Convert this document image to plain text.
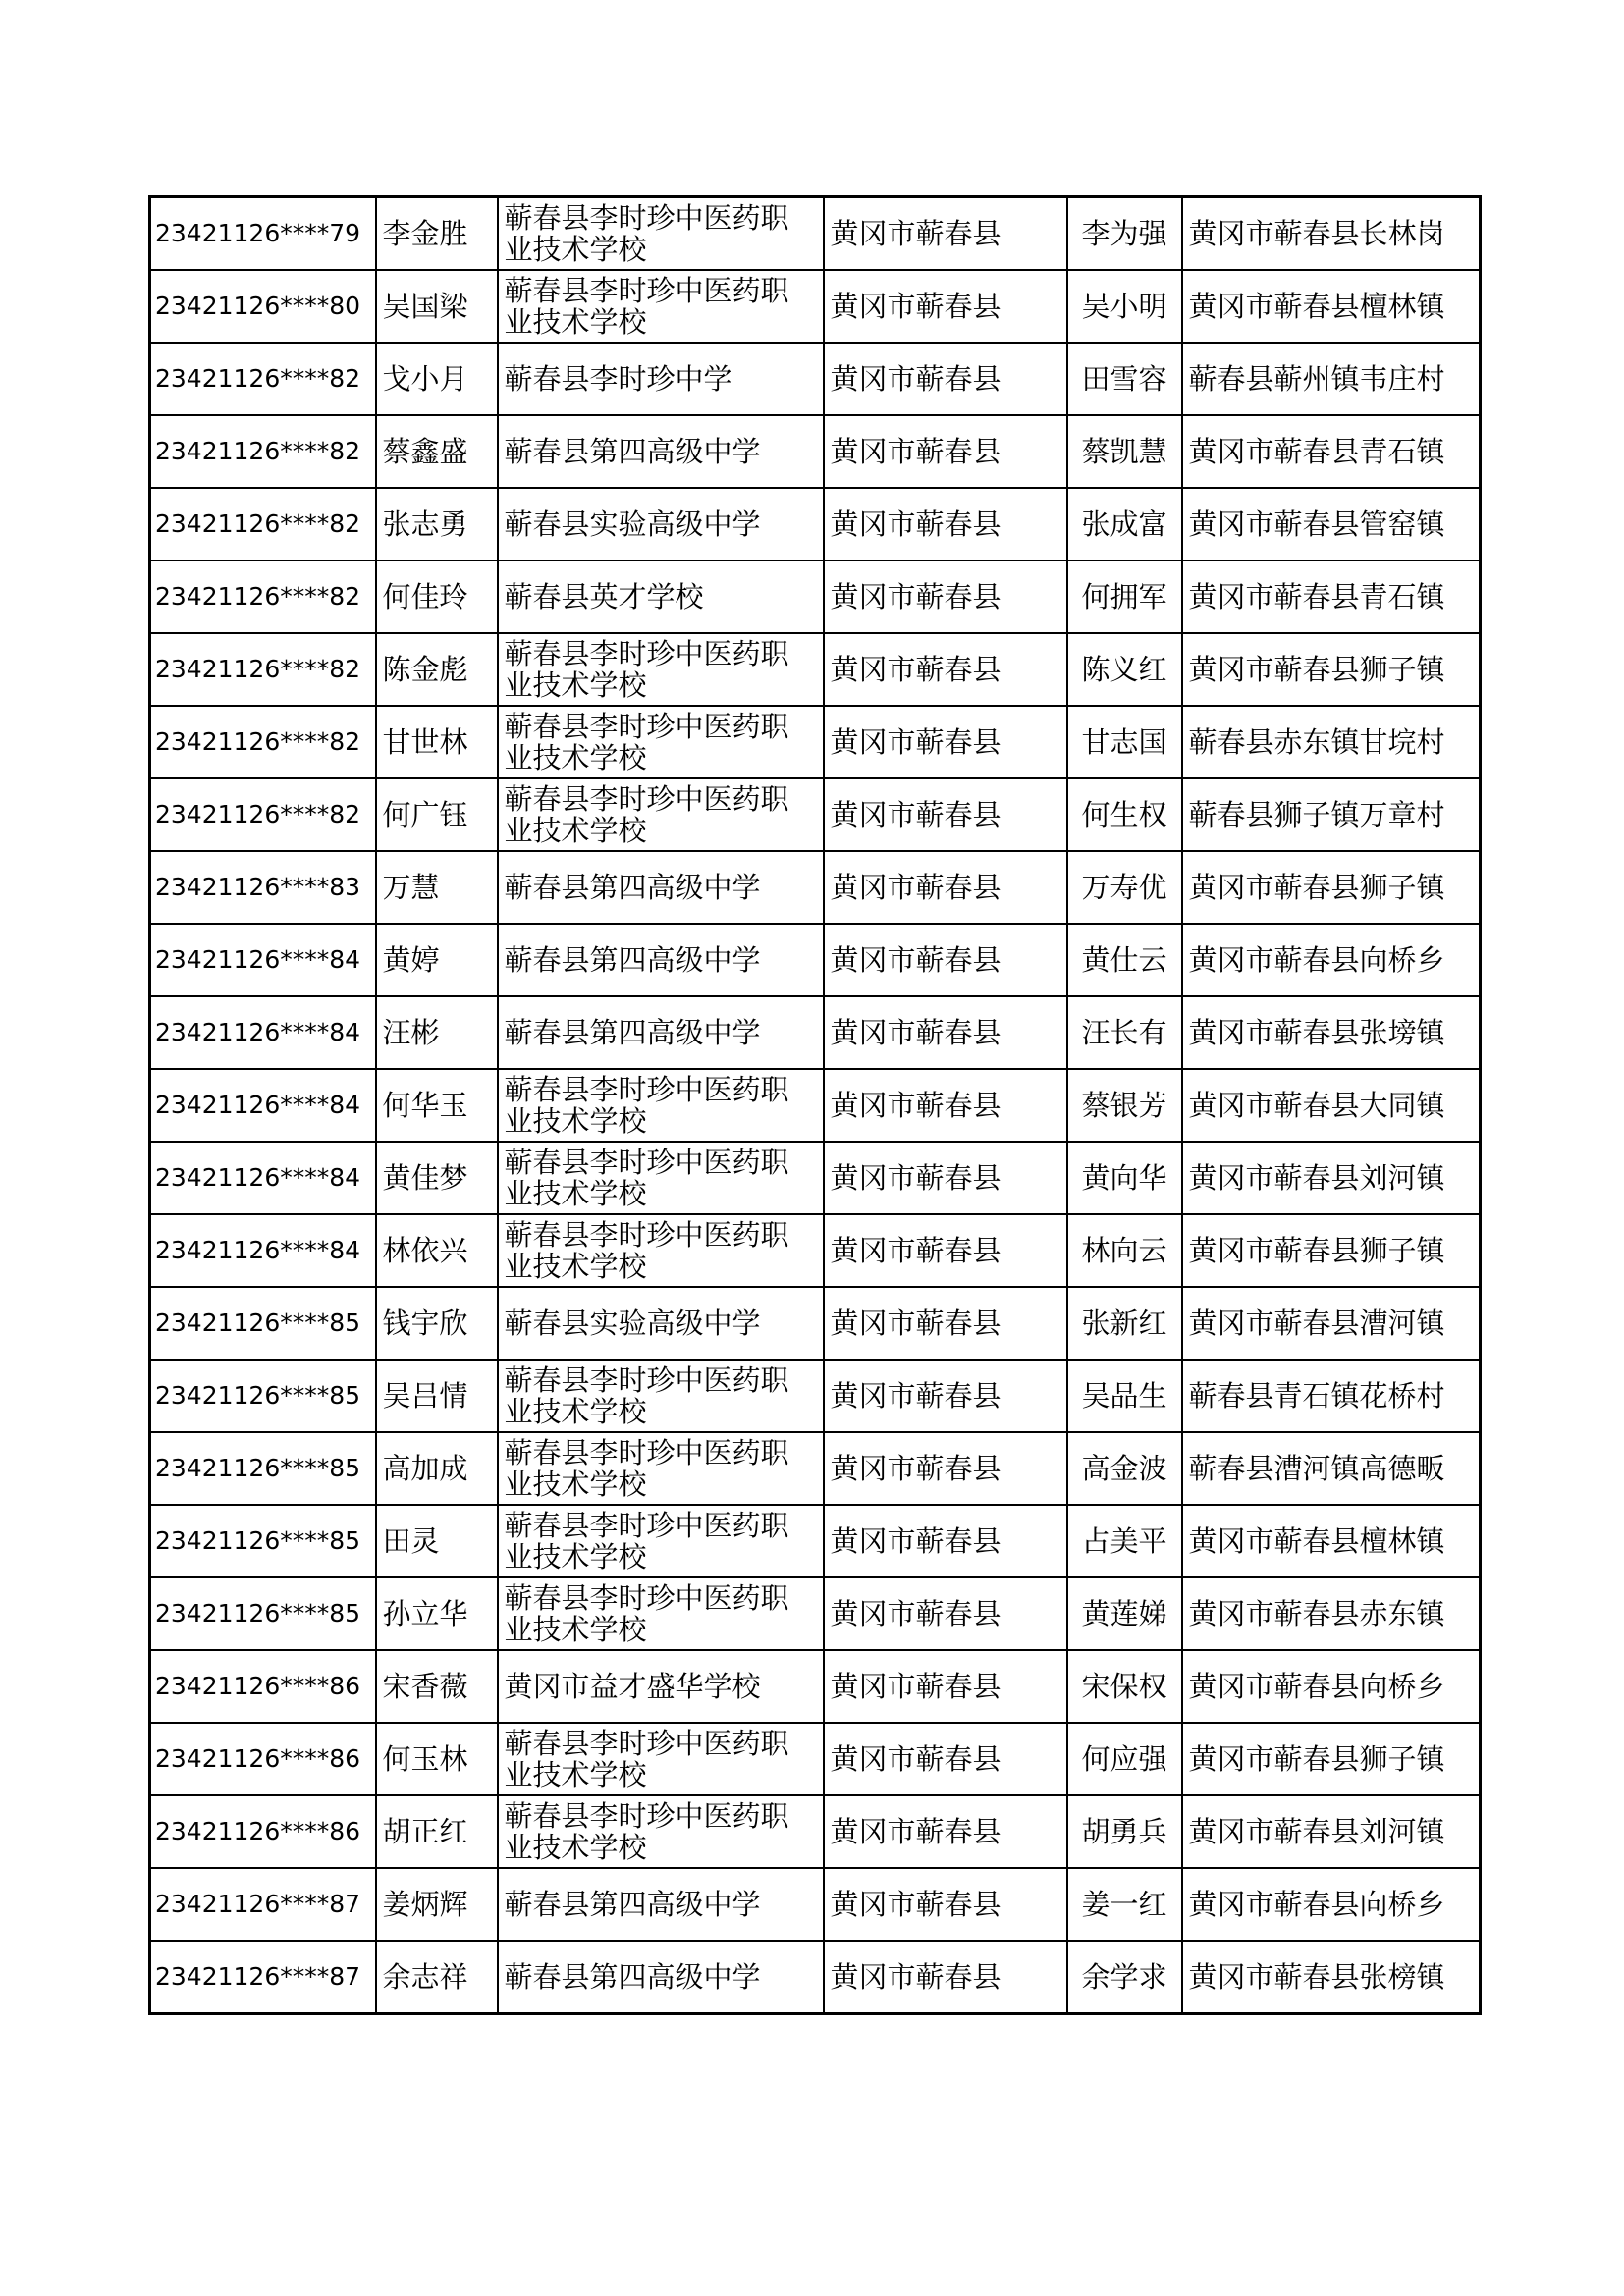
23421126****79	李金胜	蕲春县李时珍中医药职业技术学校	黄冈市蕲春县	李为强	黄冈市蕲春县长林岗
23421126****80	吴国梁	蕲春县李时珍中医药职业技术学校	黄冈市蕲春县	吴小明	黄冈市蕲春县檀林镇
23421126****82	戈小月	蕲春县李时珍中学	黄冈市蕲春县	田雪容	蕲春县蕲州镇韦庄村
23421126****82	蔡鑫盛	蕲春县第四高级中学	黄冈市蕲春县	蔡凯慧	黄冈市蕲春县青石镇
23421126****82	张志勇	蕲春县实验高级中学	黄冈市蕲春县	张成富	黄冈市蕲春县管窑镇
23421126****82	何佳玲	蕲春县英才学校	黄冈市蕲春县	何拥军	黄冈市蕲春县青石镇
23421126****82	陈金彪	蕲春县李时珍中医药职业技术学校	黄冈市蕲春县	陈义红	黄冈市蕲春县狮子镇
23421126****82	甘世林	蕲春县李时珍中医药职业技术学校	黄冈市蕲春县	甘志国	蕲春县赤东镇甘垸村
23421126****82	何广钰	蕲春县李时珍中医药职业技术学校	黄冈市蕲春县	何生权	蕲春县狮子镇万章村
23421126****83	万慧	蕲春县第四高级中学	黄冈市蕲春县	万寿优	黄冈市蕲春县狮子镇
23421126****84	黄婷	蕲春县第四高级中学	黄冈市蕲春县	黄仕云	黄冈市蕲春县向桥乡
23421126****84	汪彬	蕲春县第四高级中学	黄冈市蕲春县	汪长有	黄冈市蕲春县张塝镇
23421126****84	何华玉	蕲春县李时珍中医药职业技术学校	黄冈市蕲春县	蔡银芳	黄冈市蕲春县大同镇
23421126****84	黄佳梦	蕲春县李时珍中医药职业技术学校	黄冈市蕲春县	黄向华	黄冈市蕲春县刘河镇
23421126****84	林依兴	蕲春县李时珍中医药职业技术学校	黄冈市蕲春县	林向云	黄冈市蕲春县狮子镇
23421126****85	钱宇欣	蕲春县实验高级中学	黄冈市蕲春县	张新红	黄冈市蕲春县漕河镇
23421126****85	吴吕情	蕲春县李时珍中医药职业技术学校	黄冈市蕲春县	吴品生	蕲春县青石镇花桥村
23421126****85	高加成	蕲春县李时珍中医药职业技术学校	黄冈市蕲春县	高金波	蕲春县漕河镇高德畈
23421126****85	田灵	蕲春县李时珍中医药职业技术学校	黄冈市蕲春县	占美平	黄冈市蕲春县檀林镇
23421126****85	孙立华	蕲春县李时珍中医药职业技术学校	黄冈市蕲春县	黄莲娣	黄冈市蕲春县赤东镇
23421126****86	宋香薇	黄冈市益才盛华学校	黄冈市蕲春县	宋保权	黄冈市蕲春县向桥乡
23421126****86	何玉林	蕲春县李时珍中医药职业技术学校	黄冈市蕲春县	何应强	黄冈市蕲春县狮子镇
23421126****86	胡正红	蕲春县李时珍中医药职业技术学校	黄冈市蕲春县	胡勇兵	黄冈市蕲春县刘河镇
23421126****87	姜炳辉	蕲春县第四高级中学	黄冈市蕲春县	姜一红	黄冈市蕲春县向桥乡
23421126****87	余志祥	蕲春县第四高级中学	黄冈市蕲春县	余学求	黄冈市蕲春县张榜镇
